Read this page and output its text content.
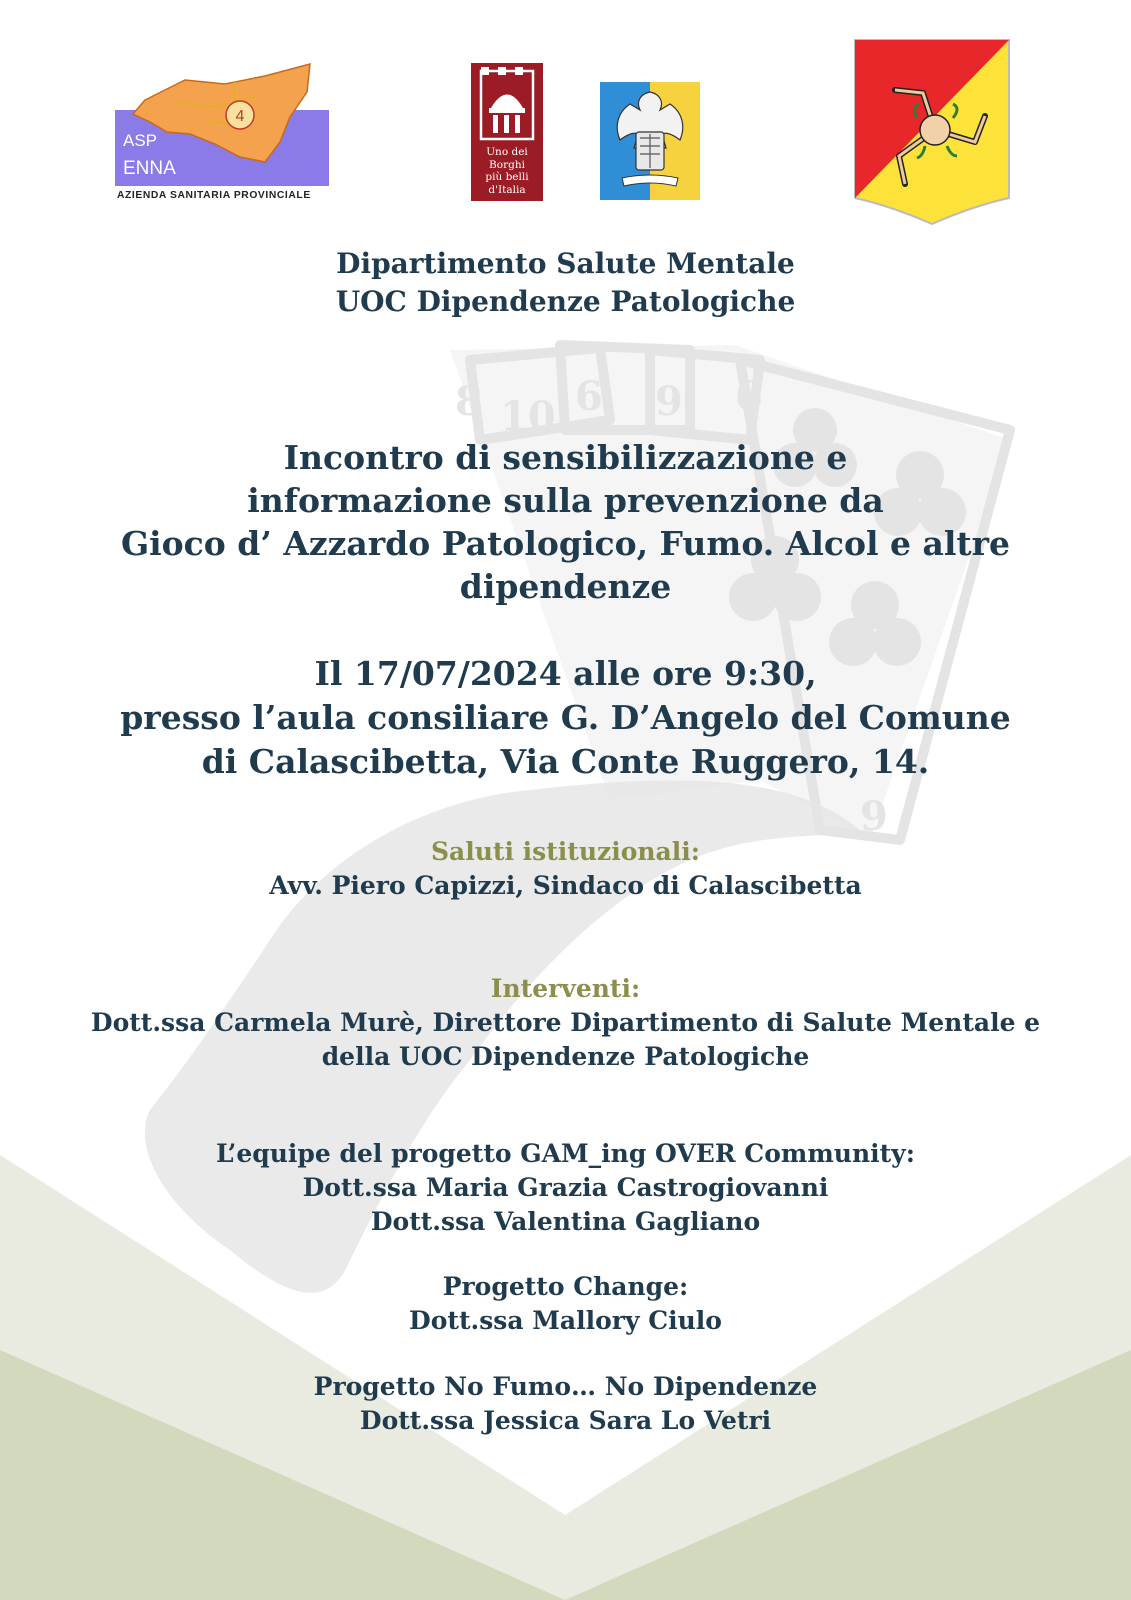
8 10 6 9 6
9
4
ASP
ENNA
AZIENDA SANITARIA PROVINCIALE
Uno dei
Borghi
più belli
d'Italia
Dipartimento Salute Mentale
UOC Dipendenze Patologiche
Incontro di sensibilizzazione e
informazione sulla prevenzione da
Gioco d’ Azzardo Patologico, Fumo. Alcol e altre
dipendenze
Il 17/07/2024 alle ore 9:30,
presso l’aula consiliare G. D’Angelo del Comune
di Calascibetta, Via Conte Ruggero, 14.
Saluti istituzionali:
Avv. Piero Capizzi, Sindaco di Calascibetta
Interventi:
Dott.ssa Carmela Murè, Direttore Dipartimento di Salute Mentale e
della UOC Dipendenze Patologiche
L’equipe del progetto GAM_ing OVER Community:
Dott.ssa Maria Grazia Castrogiovanni
Dott.ssa Valentina Gagliano
Progetto Change:
Dott.ssa Mallory Ciulo
Progetto No Fumo… No Dipendenze
Dott.ssa Jessica Sara Lo Vetri
